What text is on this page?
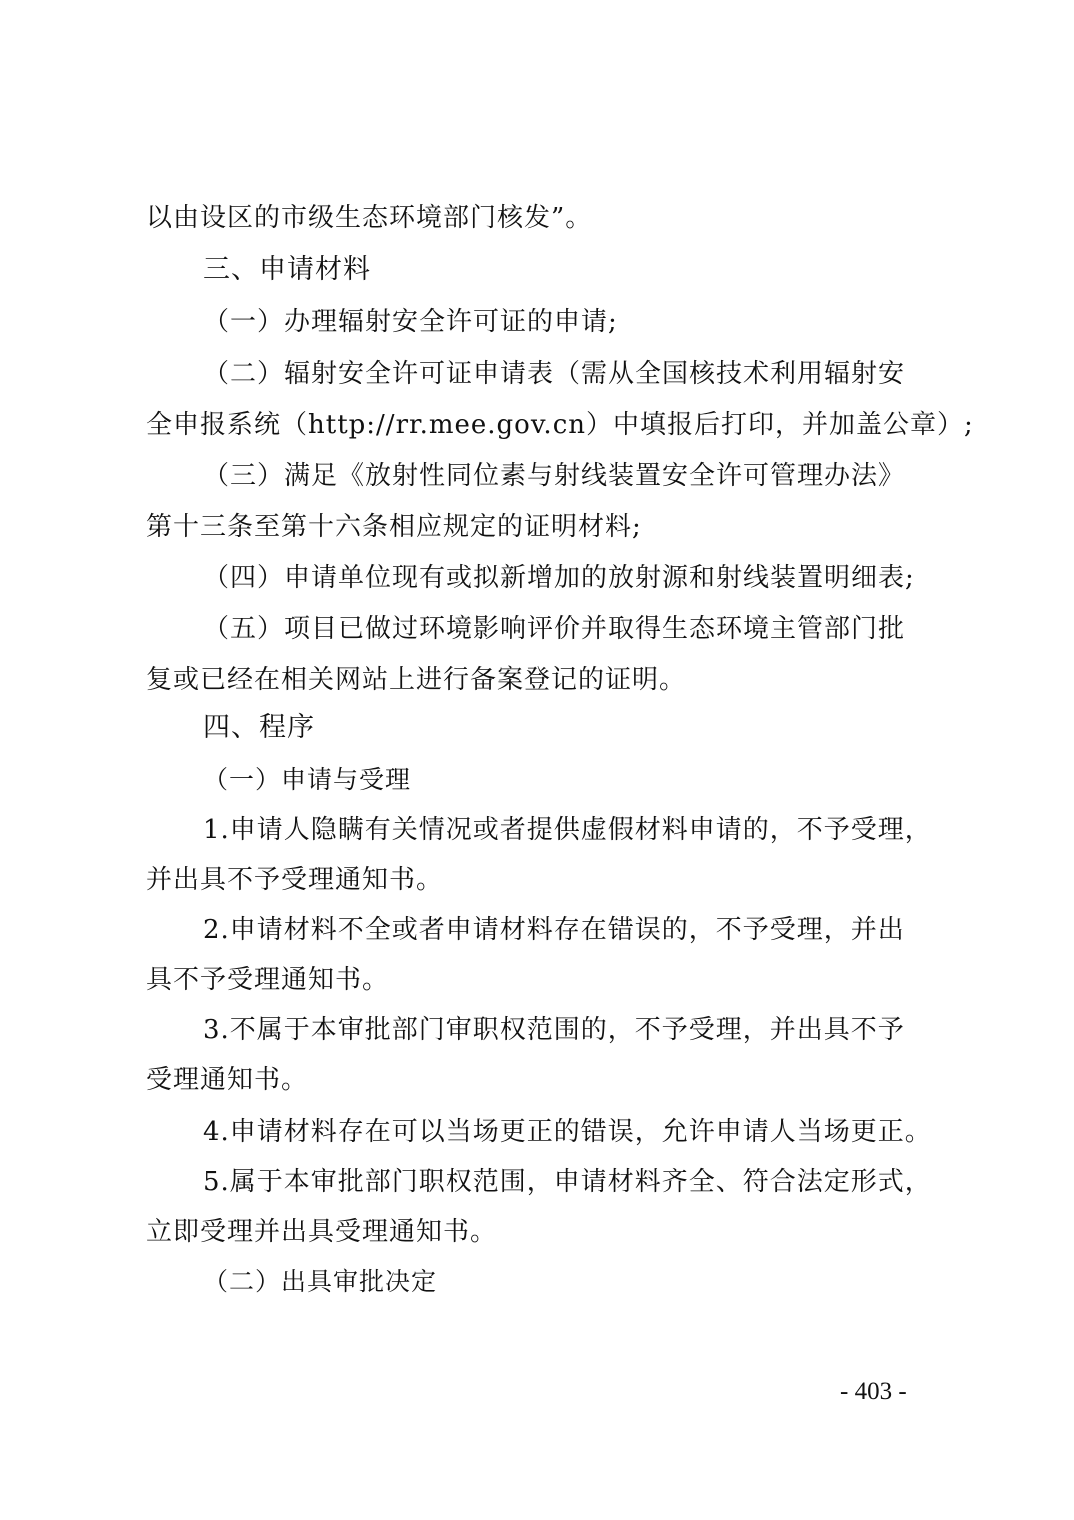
以由设区的市级生态环境部门核发”。
三、申请材料
（一）办理辐射安全许可证的申请;
（二）辐射安全许可证申请表（需从全国核技术利用辐射安
全申报系统（http://rr.mee.gov.cn）中填报后打印，并加盖公章）;
（三）满足《放射性同位素与射线装置安全许可管理办法》
第十三条至第十六条相应规定的证明材料;
（四）申请单位现有或拟新增加的放射源和射线装置明细表;
（五）项目已做过环境影响评价并取得生态环境主管部门批
复或已经在相关网站上进行备案登记的证明。
四、程序
（一）申请与受理
1.申请人隐瞒有关情况或者提供虚假材料申请的，不予受理，
并出具不予受理通知书。
2.申请材料不全或者申请材料存在错误的，不予受理，并出
具不予受理通知书。
3.不属于本审批部门审职权范围的，不予受理，并出具不予
受理通知书。
4.申请材料存在可以当场更正的错误，允许申请人当场更正。
5.属于本审批部门职权范围，申请材料齐全、符合法定形式，
立即受理并出具受理通知书。
（二）出具审批决定
- 403 -
